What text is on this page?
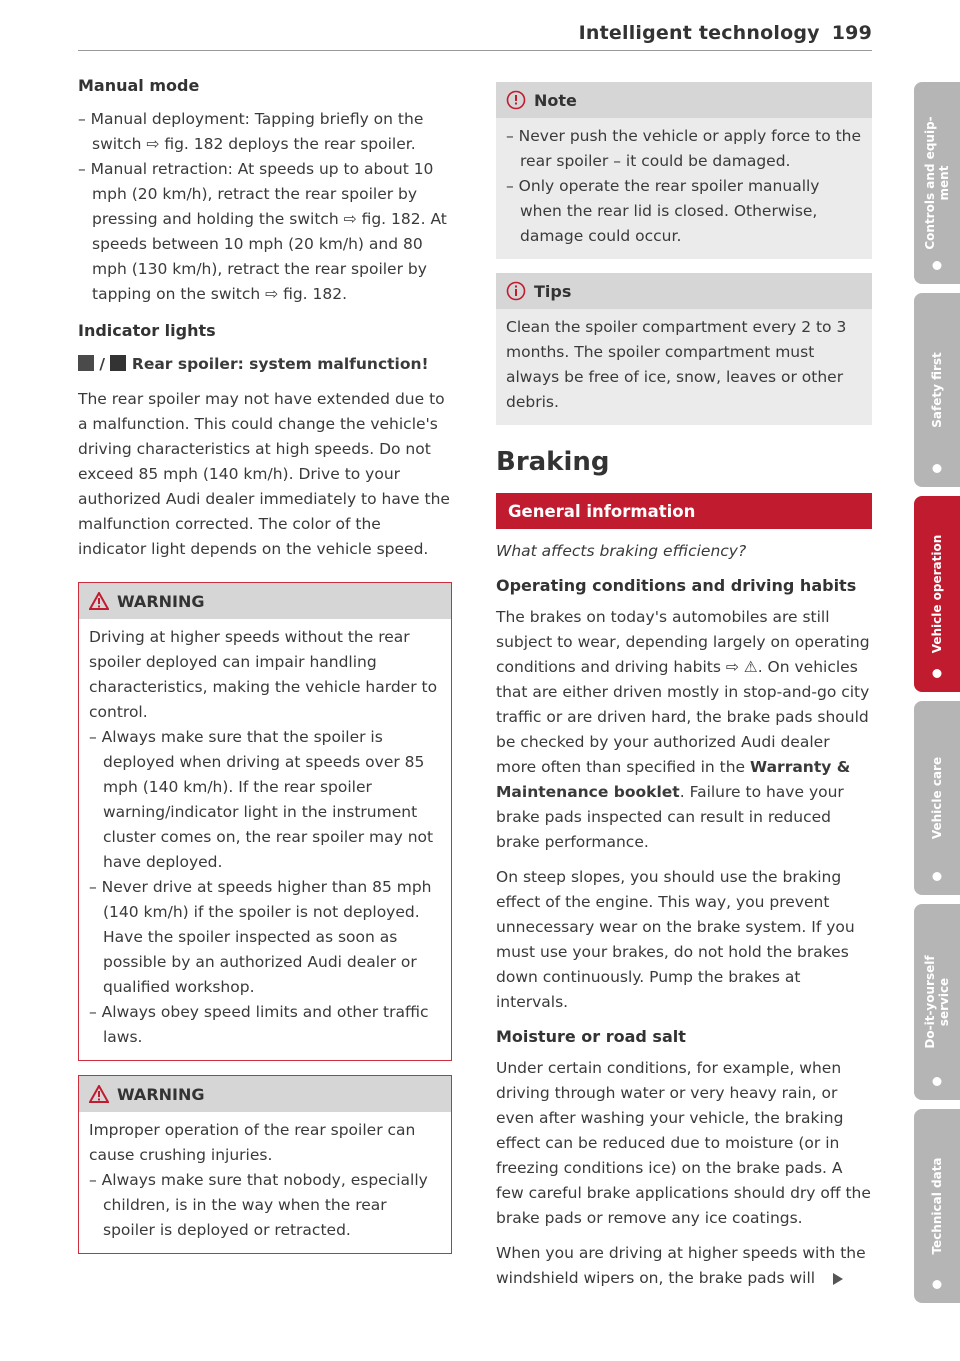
Intelligent technology 199
Manual mode
– Manual deployment: Tapping briefly on the switch ⇨ fig. 182 deploys the rear spoiler.
– Manual retraction: At speeds up to about 10 mph (20 km/h), retract the rear spoiler by pressing and holding the switch ⇨ fig. 182. At speeds between 10 mph (20 km/h) and 80 mph (130 km/h), retract the rear spoiler by tapping on the switch ⇨ fig. 182.
Indicator lights

/ Rear spoiler: system malfunction!

The rear spoiler may not have extended due to a malfunction. This could change the vehicle's driving characteristics at high speeds. Do not exceed 85 mph (140 km/h). Drive to your authorized Audi dealer immediately to have the malfunction corrected. The color of the indicator light depends on the vehicle speed.

WARNING

Driving at higher speeds without the rear spoiler deployed can impair handling characteristics, making the vehicle harder to control.

– Always make sure that the spoiler is deployed when driving at speeds over 85 mph (140 km/h). If the rear spoiler warning/indicator light in the instrument cluster comes on, the rear spoiler may not have deployed.
– Never drive at speeds higher than 85 mph (140 km/h) if the spoiler is not deployed. Have the spoiler inspected as soon as possible by an authorized Audi dealer or qualified workshop.
– Always obey speed limits and other traffic laws.
WARNING

Improper operation of the rear spoiler can cause crushing injuries.

– Always make sure that nobody, especially children, is in the way when the rear spoiler is deployed or retracted.
Note
– Never push the vehicle or apply force to the rear spoiler – it could be damaged.
– Only operate the rear spoiler manually when the rear lid is closed. Otherwise, damage could occur.
Tips

Clean the spoiler compartment every 2 to 3 months. The spoiler compartment must always be free of ice, snow, leaves or other debris.

Braking
General information

What affects braking efficiency?

Operating conditions and driving habits

The brakes on today's automobiles are still subject to wear, depending largely on operating conditions and driving habits ⇨ ⚠. On vehicles that are either driven mostly in stop-and-go city traffic or are driven hard, the brake pads should be checked by your authorized Audi dealer more often than specified in the Warranty & Maintenance booklet. Failure to have your brake pads inspected can result in reduced brake performance.

On steep slopes, you should use the braking effect of the engine. This way, you prevent unnecessary wear on the brake system. If you must use your brakes, do not hold the brakes down continuously. Pump the brakes at intervals.

Moisture or road salt

Under certain conditions, for example, when driving through water or very heavy rain, or even after washing your vehicle, the braking effect can be reduced due to moisture (or in freezing conditions ice) on the brake pads. A few careful brake applications should dry off the brake pads or remove any ice coatings.

When you are driving at higher speeds with the windshield wipers on, the brake pads will

Controls and equip-
ment
Safety first
Vehicle operation
Vehicle care
Do-it-yourself
service
Technical data
